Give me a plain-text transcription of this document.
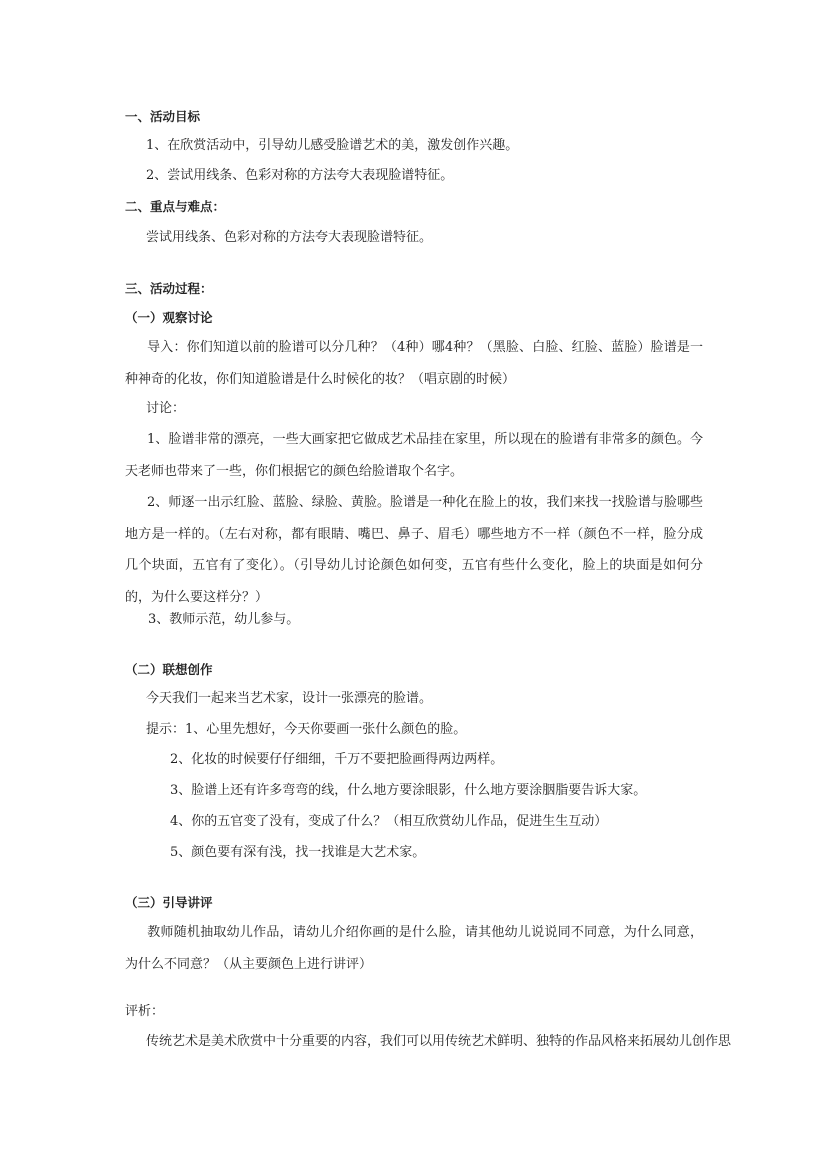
一、活动目标
1、在欣赏活动中，引导幼儿感受脸谱艺术的美，激发创作兴趣。
2、尝试用线条、色彩对称的方法夸大表现脸谱特征。
二、重点与难点：
尝试用线条、色彩对称的方法夸大表现脸谱特征。
三、活动过程：
（一）观察讨论
导入：你们知道以前的脸谱可以分几种？（4种）哪4种？（黑脸、白脸、红脸、蓝脸）脸谱是一种神奇的化妆，你们知道脸谱是什么时候化的妆？（唱京剧的时候）
讨论：
1、脸谱非常的漂亮，一些大画家把它做成艺术品挂在家里，所以现在的脸谱有非常多的颜色。今天老师也带来了一些，你们根据它的颜色给脸谱取个名字。
2、师逐一出示红脸、蓝脸、绿脸、黄脸。脸谱是一种化在脸上的妆，我们来找一找脸谱与脸哪些地方是一样的。（左右对称，都有眼睛、嘴巴、鼻子、眉毛）哪些地方不一样（颜色不一样，脸分成几个块面，五官有了变化）。（引导幼儿讨论颜色如何变，五官有些什么变化，脸上的块面是如何分的，为什么要这样分？）
3、教师示范，幼儿参与。
（二）联想创作
今天我们一起来当艺术家，设计一张漂亮的脸谱。
提示：1、心里先想好，今天你要画一张什么颜色的脸。
2、化妆的时候要仔仔细细，千万不要把脸画得两边两样。
3、脸谱上还有许多弯弯的线，什么地方要涂眼影，什么地方要涂胭脂要告诉大家。
4、你的五官变了没有，变成了什么？（相互欣赏幼儿作品，促进生生互动）
5、颜色要有深有浅，找一找谁是大艺术家。
（三）引导讲评
教师随机抽取幼儿作品，请幼儿介绍你画的是什么脸，请其他幼儿说说同不同意，为什么同意，为什么不同意？（从主要颜色上进行讲评）
评析：
传统艺术是美术欣赏中十分重要的内容，我们可以用传统艺术鲜明、独特的作品风格来拓展幼儿创作思
